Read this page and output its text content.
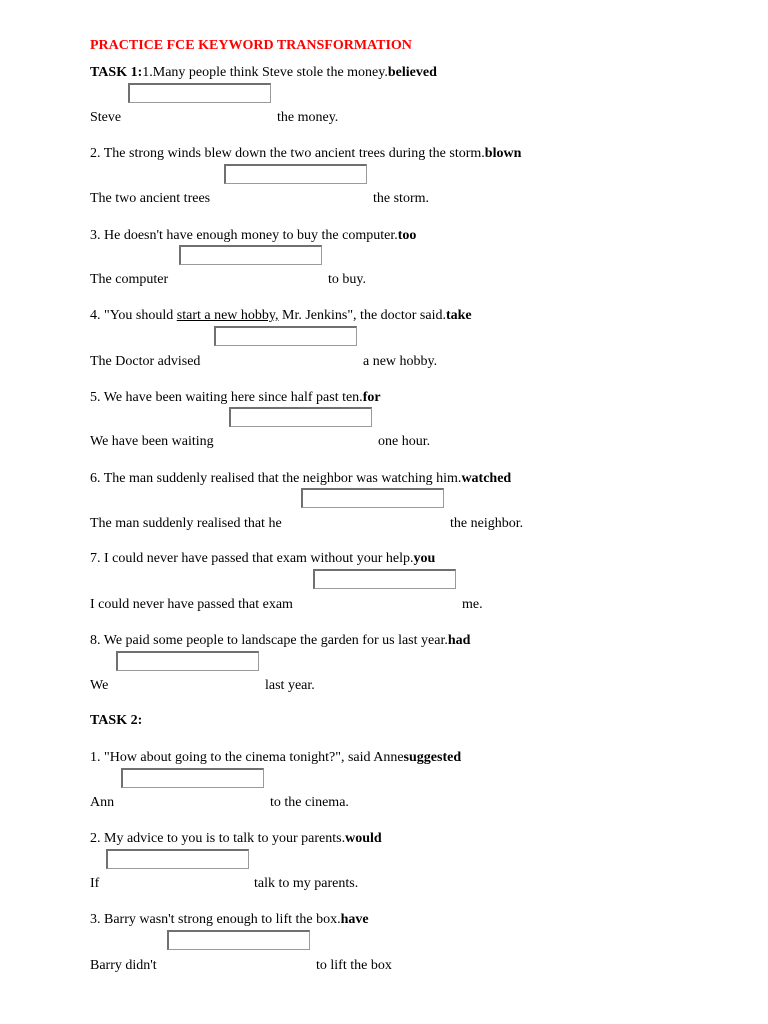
PRACTICE FCE KEYWORD TRANSFORMATION
TASK 1:1.Many people think Steve stole the money.believed
Steve	the money.
2. The strong winds blew down the two ancient trees during the storm.blown
The two ancient trees	the storm.
3. He doesn't have enough money to buy the computer.too
The computer	to buy.
4. "You should start a new hobby, Mr. Jenkins", the doctor said.take
The Doctor advised	a new hobby.
5. We have been waiting here since half past ten.for
We have been waiting	one hour.
6. The man suddenly realised that the neighbor was watching him.watched
The man suddenly realised that he	the neighbor.
7. I could never have passed that exam without your help.you
I could never have passed that exam	me.
8. We paid some people to landscape the garden for us last year.had
We	last year.
TASK 2:
1. "How about going to the cinema tonight?", said Annesuggested
Ann	to the cinema.
2. My advice to you is to talk to your parents.would
If	talk to my parents.
3. Barry wasn't strong enough to lift the box.have
Barry didn't	to lift the box
